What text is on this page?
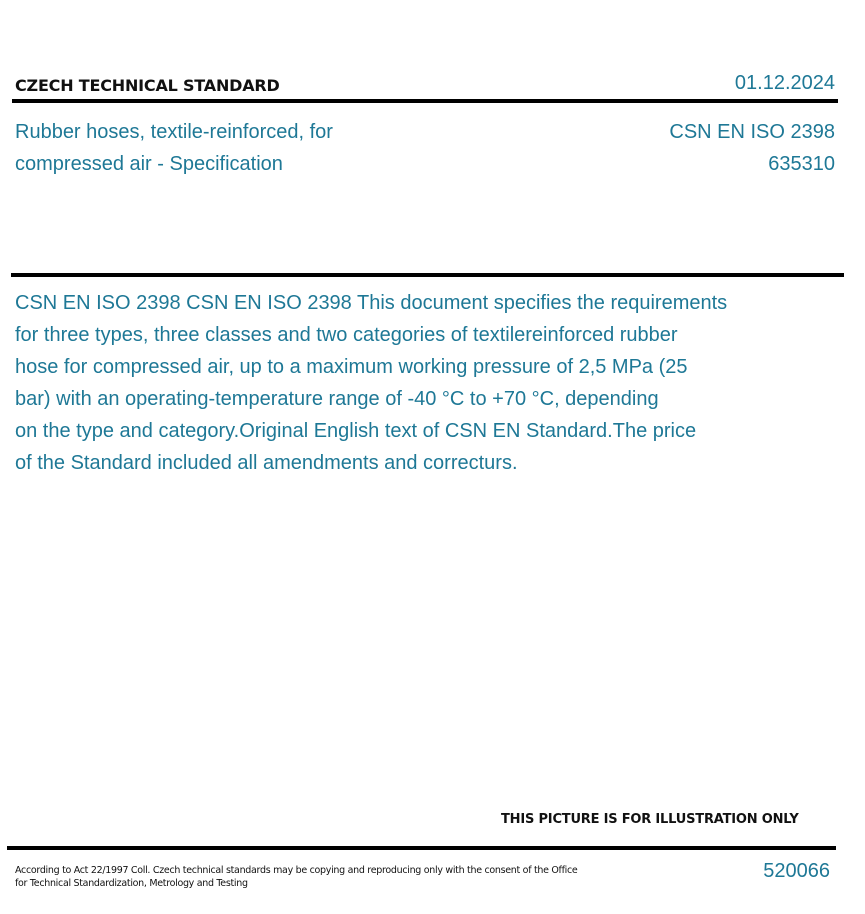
CZECH TECHNICAL STANDARD	01.12.2024
Rubber hoses, textile-reinforced, for
compressed air - Specification
CSN EN ISO 2398
635310
CSN EN ISO 2398 CSN EN ISO 2398 This document specifies the requirements
for three types, three classes and two categories of textilereinforced rubber
hose for compressed air, up to a maximum working pressure of 2,5 MPa (25
bar) with an operating-temperature range of -40 °C to +70 °C, depending
on the type and category.Original English text of CSN EN Standard.The price
of the Standard included all amendments and correcturs.
THIS PICTURE IS FOR ILLUSTRATION ONLY
According to Act 22/1997 Coll. Czech technical standards may be copying and reproducing only with the consent of the Office
for Technical Standardization, Metrology and Testing
520066
